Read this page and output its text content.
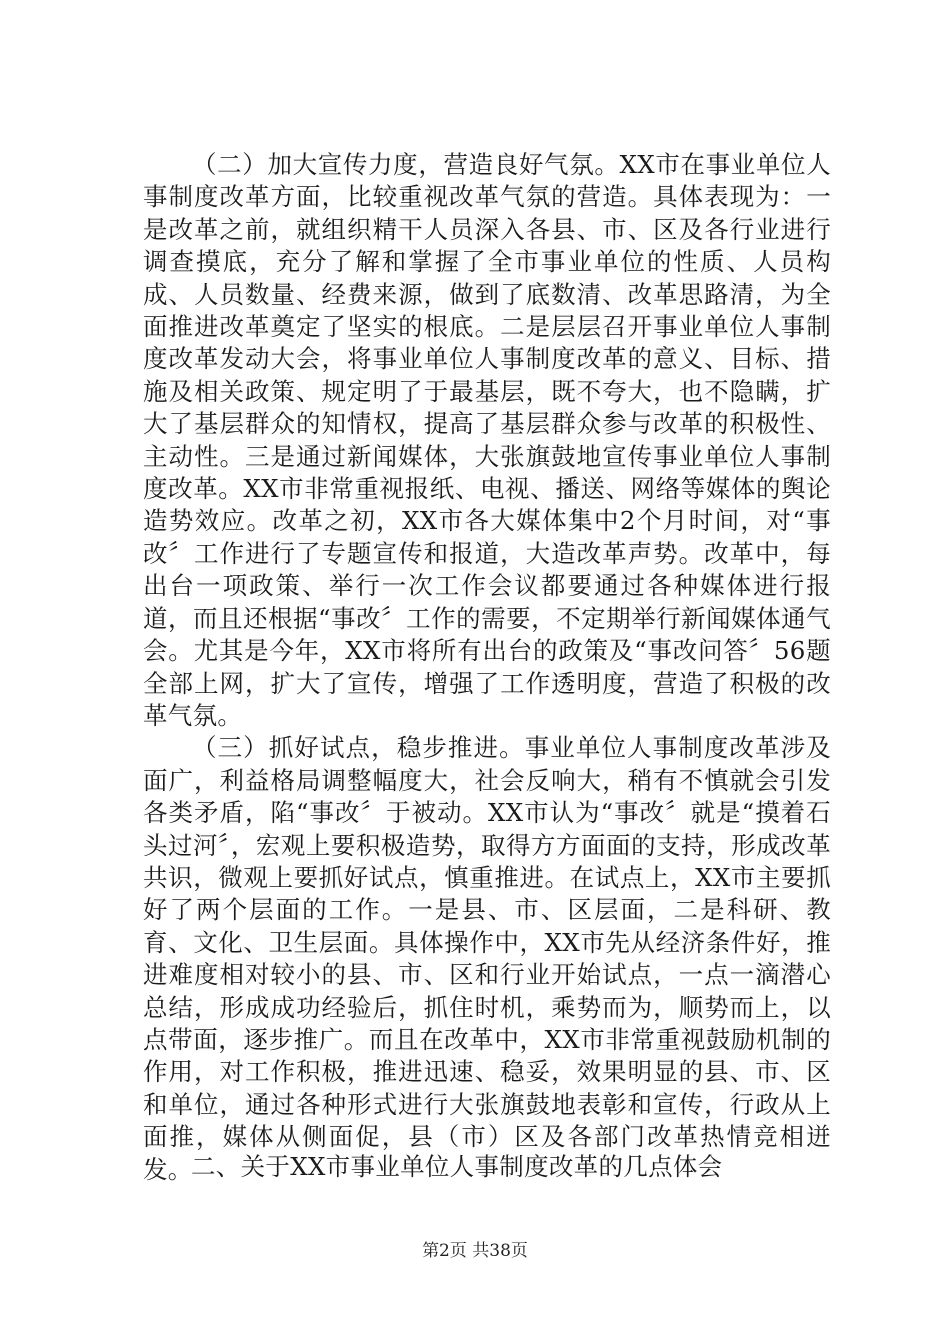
（二）加大宣传力度，营造良好气氛。XX市在事业单位人事制度改革方面，比较重视改革气氛的营造。具体表现为：一是改革之前，就组织精干人员深入各县、市、区及各行业进行调查摸底，充分了解和掌握了全市事业单位的性质、人员构成、人员数量、经费来源，做到了底数清、改革思路清，为全面推进改革奠定了坚实的根底。二是层层召开事业单位人事制度改革发动大会，将事业单位人事制度改革的意义、目标、措施及相关政策、规定明了于最基层，既不夸大，也不隐瞒，扩大了基层群众的知情权，提高了基层群众参与改革的积极性、主动性。三是通过新闻媒体，大张旗鼓地宣传事业单位人事制度改革。XX市非常重视报纸、电视、播送、网络等媒体的舆论造势效应。改革之初，XX市各大媒体集中2个月时间，对“事改〞工作进行了专题宣传和报道，大造改革声势。改革中，每出台一项政策、举行一次工作会议都要通过各种媒体进行报道，而且还根据“事改〞工作的需要，不定期举行新闻媒体通气会。尤其是今年，XX市将所有出台的政策及“事改问答〞56题全部上网，扩大了宣传，增强了工作透明度，营造了积极的改革气氛。

（三）抓好试点，稳步推进。事业单位人事制度改革涉及面广，利益格局调整幅度大，社会反响大，稍有不慎就会引发各类矛盾，陷“事改〞于被动。XX市认为“事改〞就是“摸着石头过河〞，宏观上要积极造势，取得方方面面的支持，形成改革共识，微观上要抓好试点，慎重推进。在试点上，XX市主要抓好了两个层面的工作。一是县、市、区层面，二是科研、教育、文化、卫生层面。具体操作中，XX市先从经济条件好，推进难度相对较小的县、市、区和行业开始试点，一点一滴潜心总结，形成成功经验后，抓住时机，乘势而为，顺势而上，以点带面，逐步推广。而且在改革中，XX市非常重视鼓励机制的作用，对工作积极，推进迅速、稳妥，效果明显的县、市、区和单位，通过各种形式进行大张旗鼓地表彰和宣传，行政从上面推，媒体从侧面促，县（市）区及各部门改革热情竞相迸发。

二、关于XX市事业单位人事制度改革的几点体会

第2页 共38页
